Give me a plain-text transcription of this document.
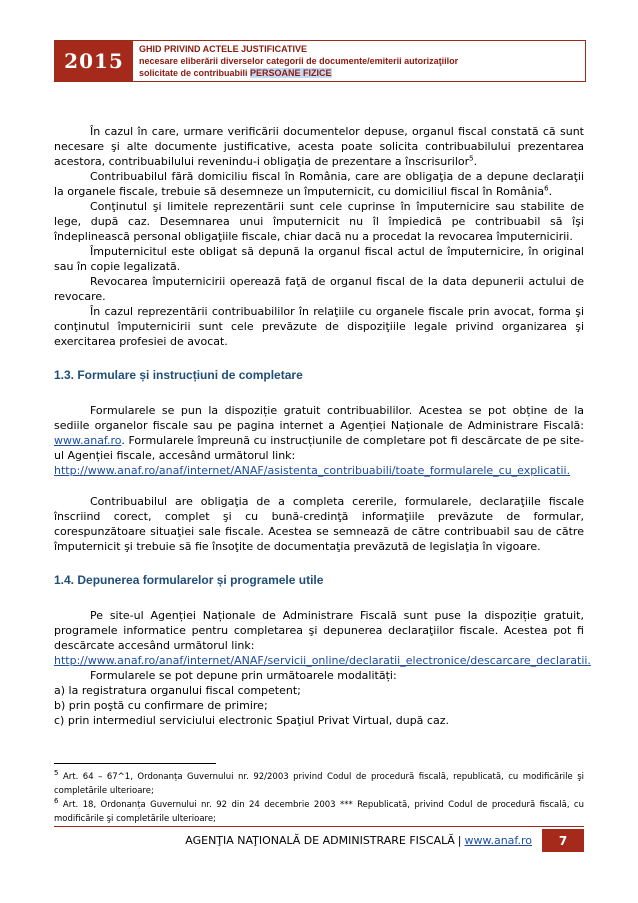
2015	GHID PRIVIND ACTELE JUSTIFICATIVE
necesare eliberării diverselor categorii de documente/emiterii autorizaţiilor
solicitate de contribuabili PERSOANE FIZICE

În cazul în care, urmare verificării documentelor depuse, organul fiscal constată că sunt necesare şi alte documente justificative, acesta poate solicita contribuabilului prezentarea acestora, contribuabilului revenindu-i obligaţia de prezentare a înscrisurilor$^5$.

Contribuabilul fără domiciliu fiscal în România, care are obligaţia de a depune declaraţii la organele fiscale, trebuie să desemneze un împuternicit, cu domiciliul fiscal în România$^6$.

Conţinutul şi limitele reprezentării sunt cele cuprinse în împuternicire sau stabilite de lege, după caz. Desemnarea unui împuternicit nu îl împiedică pe contribuabil să îşi îndeplinească personal obligaţiile fiscale, chiar dacă nu a procedat la revocarea împuternicirii.

Împuternicitul este obligat să depună la organul fiscal actul de împuternicire, în original sau în copie legalizată.

Revocarea împuternicirii operează faţă de organul fiscal de la data depunerii actului de revocare.

În cazul reprezentării contribuabililor în relaţiile cu organele fiscale prin avocat, forma şi conţinutul împuternicirii sunt cele prevăzute de dispoziţiile legale privind organizarea şi exercitarea profesiei de avocat.

1.3. Formulare și instrucțiuni de completare

Formularele se pun la dispoziție gratuit contribuabililor. Acestea se pot obține de la sediile organelor fiscale sau pe pagina internet a Agenției Naționale de Administrare Fiscală: www.anaf.ro. Formularele împreună cu instrucțiunile de completare pot fi descărcate de pe site-ul Agenției fiscale, accesând următorul link:
http://www.anaf.ro/anaf/internet/ANAF/asistenta_contribuabili/toate_formularele_cu_explicatii.

Contribuabilul are obligaţia de a completa cererile, formularele, declaraţiile fiscale înscriind corect, complet şi cu bună-credinţă informaţiile prevăzute de formular, corespunzătoare situaţiei sale fiscale. Acestea se semnează de către contribuabil sau de către împuternicit şi trebuie să fie însoţite de documentaţia prevăzută de legislaţia în vigoare.

1.4. Depunerea formularelor și programele utile

Pe site-ul Agenției Naționale de Administrare Fiscală sunt puse la dispoziție gratuit, programele informatice pentru completarea şi depunerea declaraţiilor fiscale. Acestea pot fi descărcate accesând următorul link:
http://www.anaf.ro/anaf/internet/ANAF/servicii_online/declaratii_electronice/descarcare_declaratii.

Formularele se pot depune prin următoarele modalități:

a) la registratura organului fiscal competent;

b) prin poştă cu confirmare de primire;

c) prin intermediul serviciului electronic Spaţiul Privat Virtual, după caz.

$^5$ Art. 64 – 67^1, Ordonanța Guvernului nr. 92/2003 privind Codul de procedură fiscală, republicată, cu modificările şi completările ulterioare;

$^6$ Art. 18, Ordonanța Guvernului nr. 92 din 24 decembrie 2003 *** Republicată, privind Codul de procedură fiscală, cu modificările şi completările ulterioare;

AGENŢIA NAŢIONALĂ DE ADMINISTRARE FISCALĂ | www.anaf.ro	7
